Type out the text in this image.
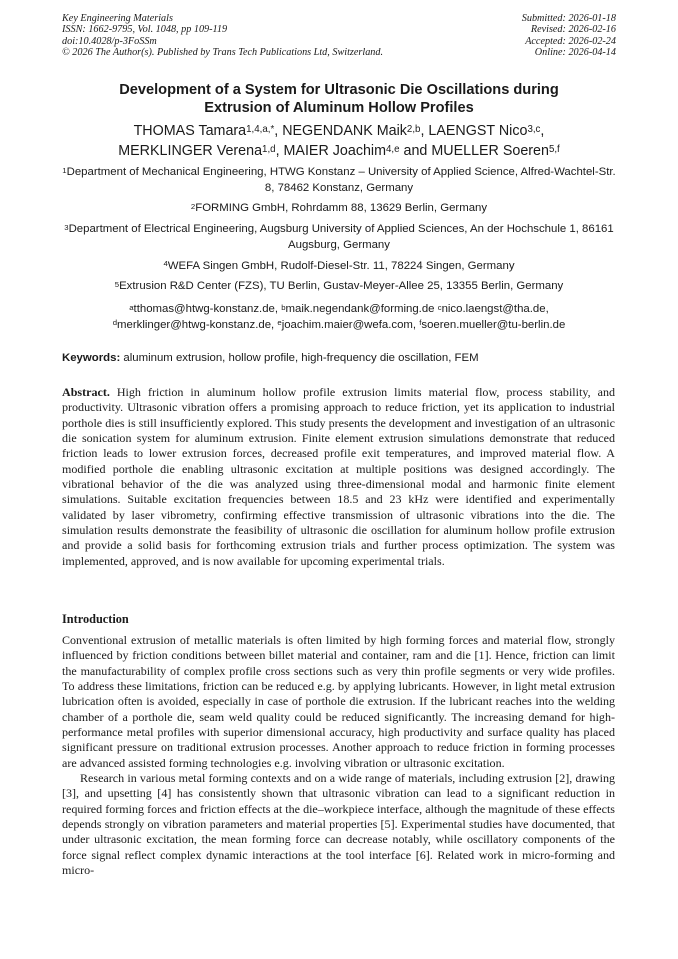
Key Engineering Materials
ISSN: 1662-9795, Vol. 1048, pp 109-119
doi:10.4028/p-3FoSSm
© 2026 The Author(s). Published by Trans Tech Publications Ltd, Switzerland.
Submitted: 2026-01-18
Revised: 2026-02-16
Accepted: 2026-02-24
Online: 2026-04-14
Development of a System for Ultrasonic Die Oscillations during
Extrusion of Aluminum Hollow Profiles
THOMAS Tamara$^{1,4,a,*}$, NEGENDANK Maik$^{2,b}$, LAENGST Nico$^{3,c}$,
MERKLINGER Verena$^{1,d}$, MAIER Joachim$^{4,e}$ and MUELLER Soeren$^{5,f}$

$^1$Department of Mechanical Engineering, HTWG Konstanz – University of Applied Science, Alfred-Wachtel-Str. 8, 78462 Konstanz, Germany

$^2$FORMING GmbH, Rohrdamm 88, 13629 Berlin, Germany

$^3$Department of Electrical Engineering, Augsburg University of Applied Sciences, An der Hochschule 1, 86161 Augsburg, Germany

$^4$WEFA Singen GmbH, Rudolf-Diesel-Str. 11, 78224 Singen, Germany

$^5$Extrusion R&D Center (FZS), TU Berlin, Gustav-Meyer-Allee 25, 13355 Berlin, Germany

$^a$tthomas@htwg-konstanz.de, $^b$maik.negendank@forming.de $^c$nico.laengst@tha.de,
$^d$merklinger@htwg-konstanz.de, $^e$joachim.maier@wefa.com, $^f$soeren.mueller@tu-berlin.de

Keywords: aluminum extrusion, hollow profile, high-frequency die oscillation, FEM

Abstract. High friction in aluminum hollow profile extrusion limits material flow, process stability, and productivity. Ultrasonic vibration offers a promising approach to reduce friction, yet its application to industrial porthole dies is still insufficiently explored. This study presents the development and investigation of an ultrasonic die sonication system for aluminum extrusion. Finite element extrusion simulations demonstrate that reduced friction leads to lower extrusion forces, decreased profile exit temperatures, and improved material flow. A modified porthole die enabling ultrasonic excitation at multiple positions was designed accordingly. The vibrational behavior of the die was analyzed using three-dimensional modal and harmonic finite element simulations. Suitable excitation frequencies between 18.5 and 23 kHz were identified and experimentally validated by laser vibrometry, confirming effective transmission of ultrasonic vibrations into the die. The simulation results demonstrate the feasibility of ultrasonic die oscillation for aluminum hollow profile extrusion and provide a solid basis for forthcoming extrusion trials and further process optimization. The system was implemented, approved, and is now available for upcoming experimental trials.

Introduction

Conventional extrusion of metallic materials is often limited by high forming forces and material flow, strongly influenced by friction conditions between billet material and container, ram and die [1]. Hence, friction can limit the manufacturability of complex profile cross sections such as very thin profile segments or very wide profiles. To address these limitations, friction can be reduced e.g. by applying lubricants. However, in light metal extrusion lubrication often is avoided, especially in case of porthole die extrusion. If the lubricant reaches into the welding chamber of a porthole die, seam weld quality could be reduced significantly. The increasing demand for high-performance metal profiles with superior dimensional accuracy, high productivity and surface quality has placed significant pressure on traditional extrusion processes. Another approach to reduce friction in forming processes are advanced assisted forming technologies e.g. involving vibration or ultrasonic excitation.

Research in various metal forming contexts and on a wide range of materials, including extrusion [2], drawing [3], and upsetting [4] has consistently shown that ultrasonic vibration can lead to a significant reduction in required forming forces and friction effects at the die–workpiece interface, although the magnitude of these effects depends strongly on vibration parameters and material properties [5]. Experimental studies have documented, that under ultrasonic excitation, the mean forming force can decrease notably, while oscillatory components of the force signal reflect complex dynamic interactions at the tool interface [6]. Related work in micro-forming and micro-
